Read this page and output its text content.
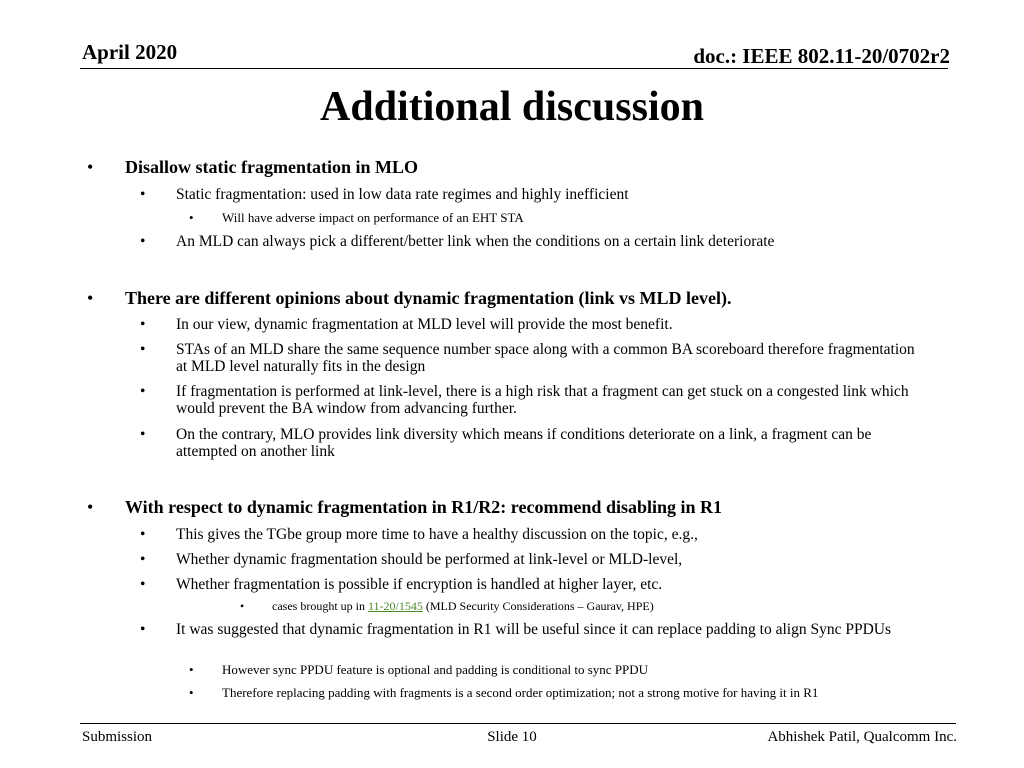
April 2020	doc.: IEEE 802.11-20/0702r2
Additional discussion
• Disallow static fragmentation in MLO
• Static fragmentation: used in low data rate regimes and highly inefficient
• Will have adverse impact on performance of an EHT STA
• An MLD can always pick a different/better link when the conditions on a certain link deteriorate
• There are different opinions about dynamic fragmentation (link vs MLD level).
• In our view, dynamic fragmentation at MLD level will provide the most benefit.
• STAs of an MLD share the same sequence number space along with a common BA scoreboard therefore fragmentation at MLD level naturally fits in the design
• If fragmentation is performed at link-level, there is a high risk that a fragment can get stuck on a congested link which would prevent the BA window from advancing further.
• On the contrary, MLO provides link diversity which means if conditions deteriorate on a link, a fragment can be attempted on another link
• With respect to dynamic fragmentation in R1/R2: recommend disabling in R1
• This gives the TGbe group more time to have a healthy discussion on the topic, e.g.,
• Whether dynamic fragmentation should be performed at link-level or MLD-level,
• Whether fragmentation is possible if encryption is handled at higher layer, etc.
• cases brought up in 11-20/1545 (MLD Security Considerations – Gaurav, HPE)
• It was suggested that dynamic fragmentation in R1 will be useful since it can replace padding to align Sync PPDUs
• However sync PPDU feature is optional and padding is conditional to sync PPDU
• Therefore replacing padding with fragments is a second order optimization; not a strong motive for having it in R1
Submission	Slide 10	Abhishek Patil, Qualcomm Inc.
